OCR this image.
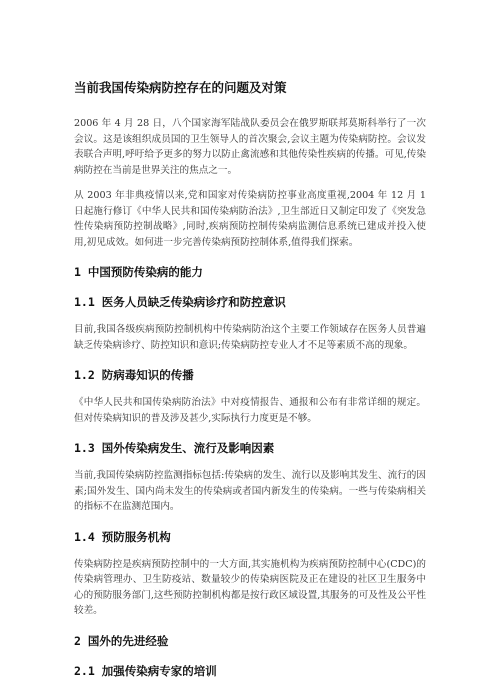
当前我国传染病防控存在的问题及对策

2006 年 4 月 28 日，八个国家海军陆战队委员会在俄罗斯联邦莫斯科举行了一次会议。这是该组织成员国的卫生领导人的首次聚会,会议主题为传染病防控。会议发表联合声明,呼吁给予更多的努力以防止禽流感和其他传染性疾病的传播。可见,传染病防控在当前是世界关注的焦点之一。

从 2003 年非典疫情以来,党和国家对传染病防控事业高度重视,2004 年 12 月 1 日起施行修订《中华人民共和国传染病防治法》,卫生部近日又制定印发了《突发急性传染病预防控制战略》,同时,疾病预防控制传染病监测信息系统已建成并投入使用,初见成效。如何进一步完善传染病预防控制体系,值得我们探索。

1 中国预防传染病的能力
1.1 医务人员缺乏传染病诊疗和防控意识

目前,我国各级疾病预防控制机构中传染病防治这个主要工作领域存在医务人员普遍缺乏传染病诊疗、防控知识和意识;传染病防控专业人才不足等素质不高的现象。

1.2 防病毒知识的传播

《中华人民共和国传染病防治法》中对疫情报告、通报和公布有非常详细的规定。但对传染病知识的普及涉及甚少,实际执行力度更是不够。

1.3 国外传染病发生、流行及影响因素

当前,我国传染病防控监测指标包括:传染病的发生、流行以及影响其发生、流行的因素;国外发生、国内尚未发生的传染病或者国内新发生的传染病。一些与传染病相关的指标不在监测范围内。

1.4 预防服务机构

传染病防控是疾病预防控制中的一大方面,其实施机构为疾病预防控制中心(CDC)的传染病管理办、卫生防疫站、数量较少的传染病医院及正在建设的社区卫生服务中心的预防服务部门,这些预防控制机构都是按行政区域设置,其服务的可及性及公平性较差。

2 国外的先进经验
2.1 加强传染病专家的培训
